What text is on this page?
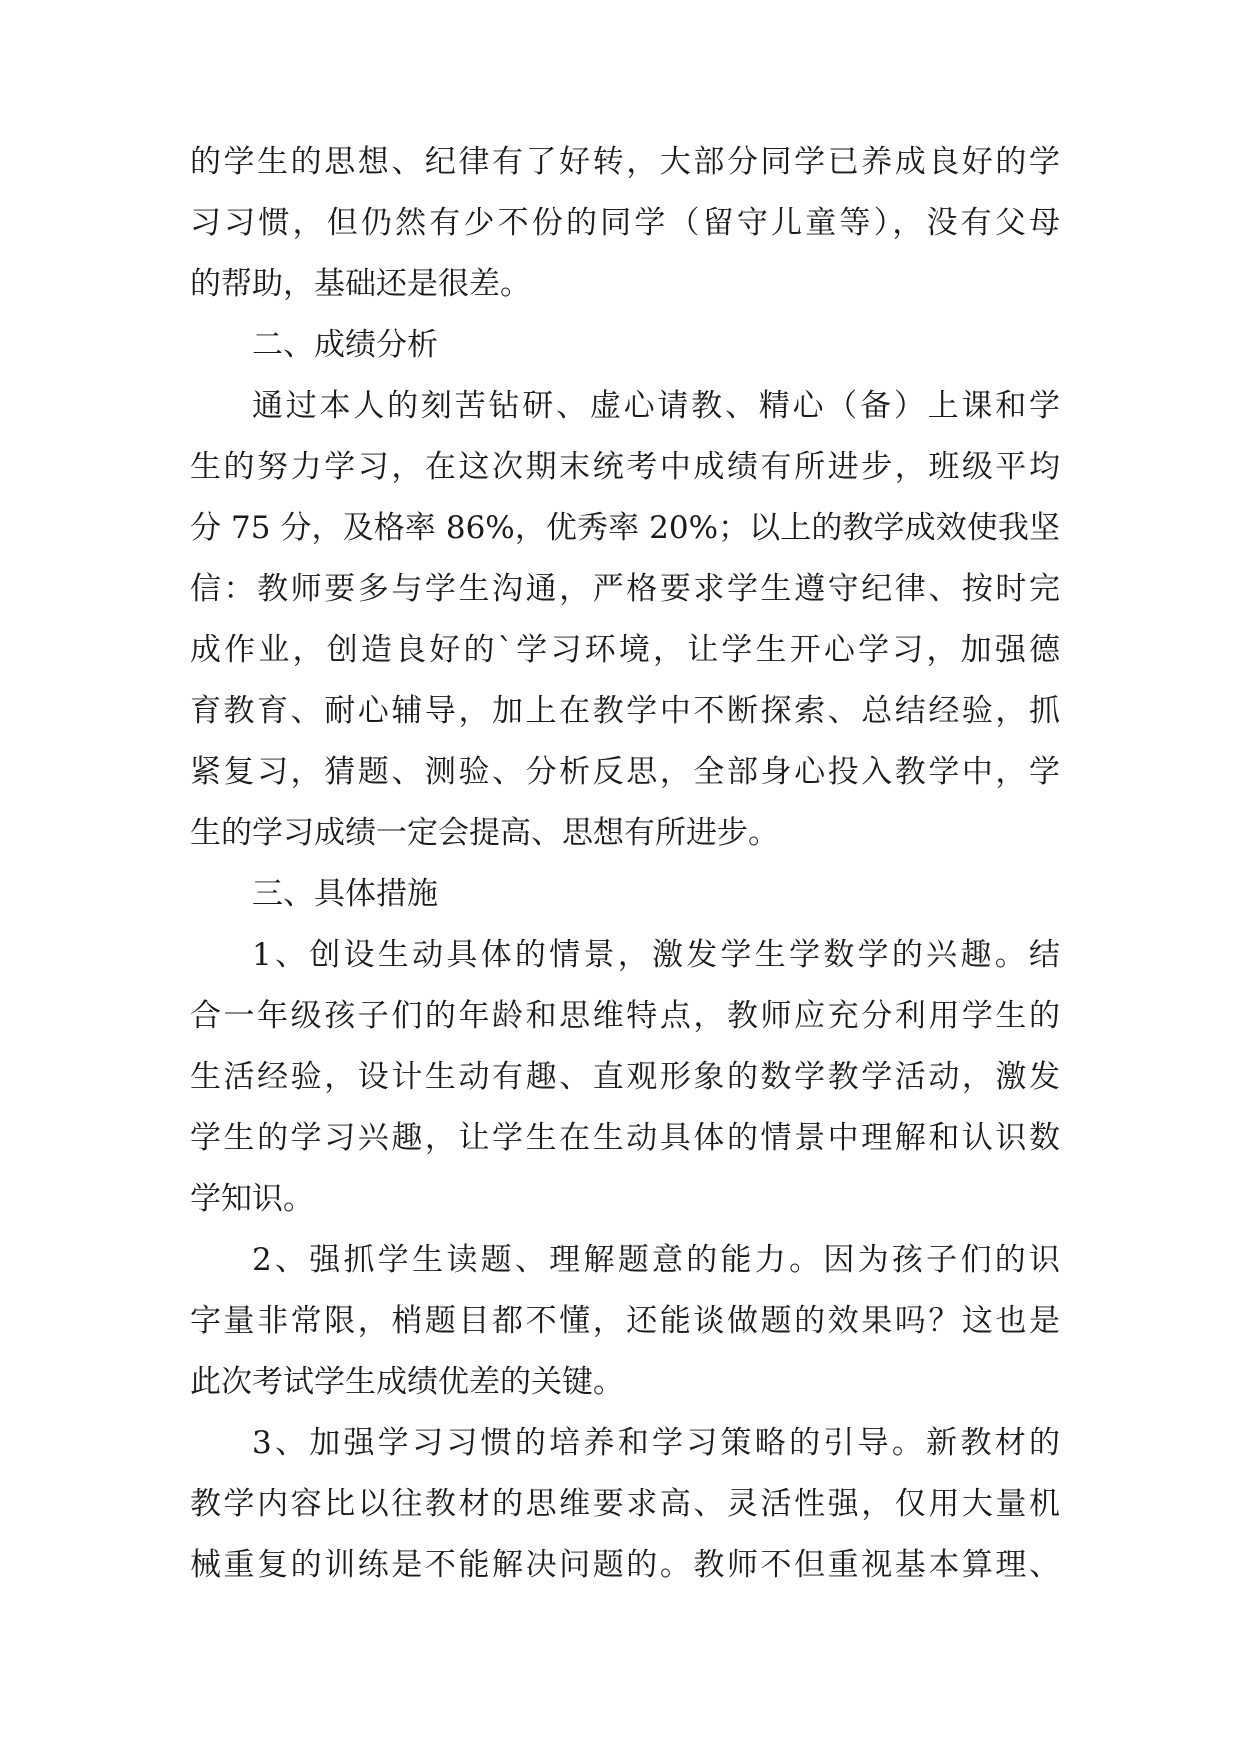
的学生的思想、纪律有了好转，大部分同学已养成良好的学
习习惯，但仍然有少不份的同学（留守儿童等），没有父母
的帮助，基础还是很差。
二、成绩分析
通过本人的刻苦钻研、虚心请教、精心（备）上课和学
生的努力学习，在这次期末统考中成绩有所进步，班级平均
分 75 分，及格率 86%，优秀率 20%；以上的教学成效使我坚
信：教师要多与学生沟通，严格要求学生遵守纪律、按时完
成作业，创造良好的`学习环境，让学生开心学习，加强德
育教育、耐心辅导，加上在教学中不断探索、总结经验，抓
紧复习，猜题、测验、分析反思，全部身心投入教学中，学
生的学习成绩一定会提高、思想有所进步。
三、具体措施
1、创设生动具体的情景，激发学生学数学的兴趣。结
合一年级孩子们的年龄和思维特点，教师应充分利用学生的
生活经验，设计生动有趣、直观形象的数学教学活动，激发
学生的学习兴趣，让学生在生动具体的情景中理解和认识数
学知识。
2、强抓学生读题、理解题意的能力。因为孩子们的识
字量非常限，梢题目都不懂，还能谈做题的效果吗？这也是
此次考试学生成绩优差的关键。
3、加强学习习惯的培养和学习策略的引导。新教材的
教学内容比以往教材的思维要求高、灵活性强，仅用大量机
械重复的训练是不能解决问题的。教师不但重视基本算理、
